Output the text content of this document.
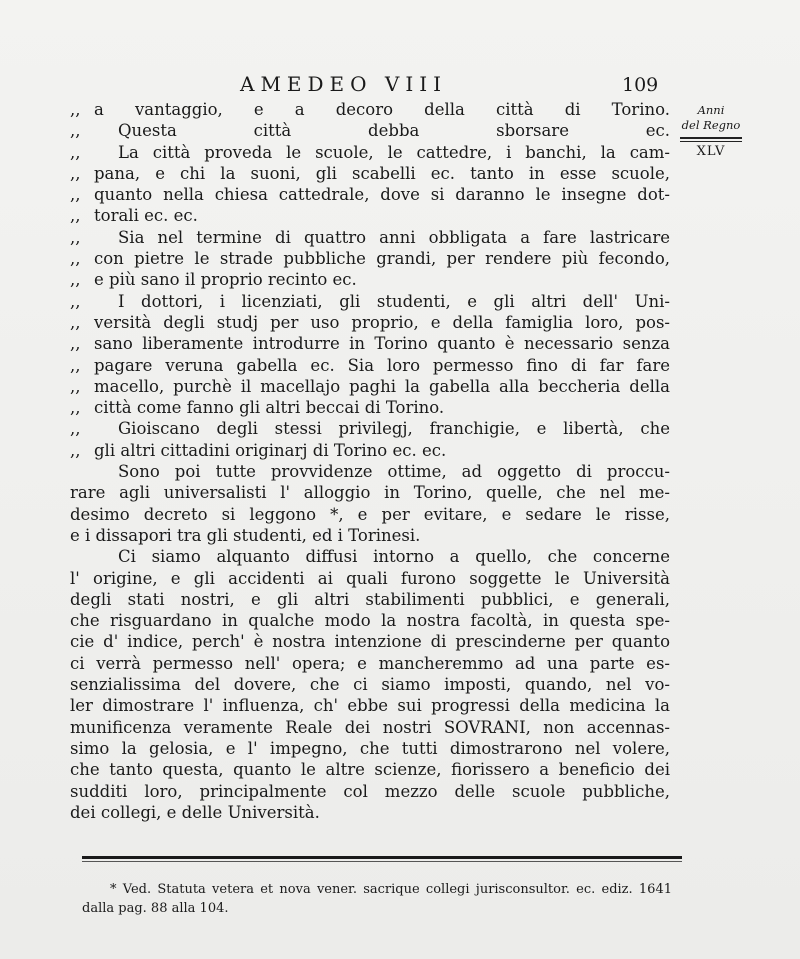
AMEDEO VIII	109
Anni
del Regno
XLV
,, a vantaggio, e a decoro della città di Torino.
,, Questa città debba sborsare ec.
,, La città proveda le scuole, le cattedre, i banchi, la cam-
,, pana, e chi la suoni, gli scabelli ec. tanto in esse scuole,
,, quanto nella chiesa cattedrale, dove si daranno le insegne dot-
,, torali ec. ec.
,, Sia nel termine di quattro anni obbligata a fare lastricare
,, con pietre le strade pubbliche grandi, per rendere più fecondo,
,, e più sano il proprio recinto ec.
,, I dottori, i licenziati, gli studenti, e gli altri dell' Uni-
,, versità degli studj per uso proprio, e della famiglia loro, pos-
,, sano liberamente introdurre in Torino quanto è necessario senza
,, pagare veruna gabella ec. Sia loro permesso fino di far fare
,, macello, purchè il macellajo paghi la gabella alla beccheria della
,, città come fanno gli altri beccai di Torino.
,, Gioiscano degli stessi privilegj, franchigie, e libertà, che
,, gli altri cittadini originarj di Torino ec. ec.
Sono poi tutte provvidenze ottime, ad oggetto di proccu-
rare agli universalisti l' alloggio in Torino, quelle, che nel me-
desimo decreto si leggono *, e per evitare, e sedare le risse,
e i dissapori tra gli studenti, ed i Torinesi.
Ci siamo alquanto diffusi intorno a quello, che concerne
l' origine, e gli accidenti ai quali furono soggette le Università
degli stati nostri, e gli altri stabilimenti pubblici, e generali,
che risguardano in qualche modo la nostra facoltà, in questa spe-
cie d' indice, perch' è nostra intenzione di prescinderne per quanto
ci verrà permesso nell' opera; e mancheremmo ad una parte es-
senzialissima del dovere, che ci siamo imposti, quando, nel vo-
ler dimostrare l' influenza, ch' ebbe sui progressi della medicina la
munificenza veramente Reale dei nostri SOVRANI, non accennas-
simo la gelosia, e l' impegno, che tutti dimostrarono nel volere,
che tanto questa, quanto le altre scienze, fiorissero a beneficio dei
sudditi loro, principalmente col mezzo delle scuole pubbliche,
dei collegi, e delle Università.
* Ved. Statuta vetera et nova vener. sacrique collegi jurisconsultor. ec. ediz. 1641
dalla pag. 88 alla 104.
